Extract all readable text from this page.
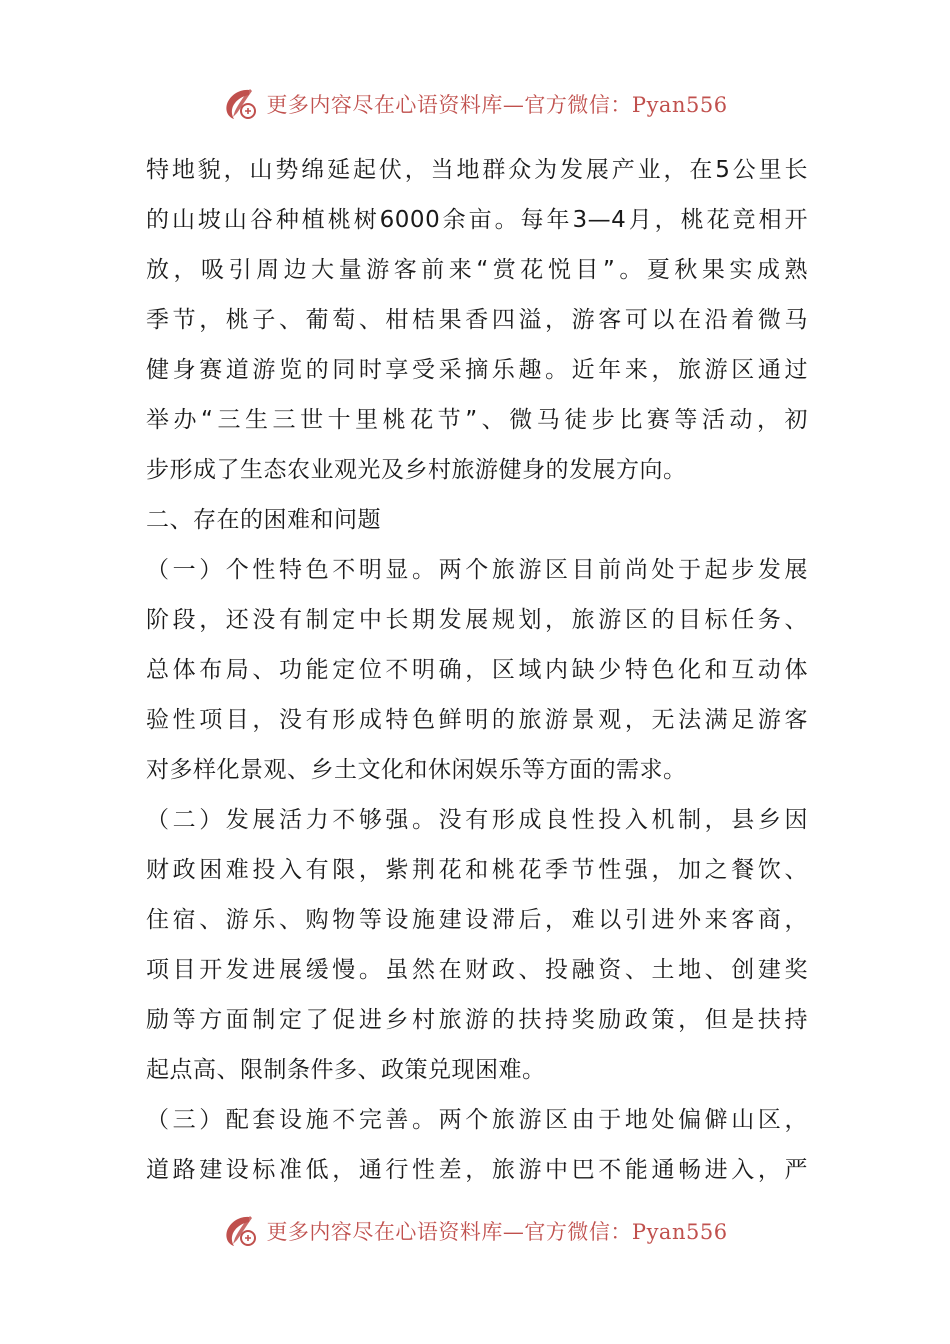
更多内容尽在心语资料库—官方微信：Pyan556
特地貌，山势绵延起伏，当地群众为发展产业，在5公里长
的山坡山谷种植桃树6000余亩。每年3—4月，桃花竞相开
放，吸引周边大量游客前来“赏花悦目”。夏秋果实成熟
季节，桃子、葡萄、柑桔果香四溢，游客可以在沿着微马
健身赛道游览的同时享受采摘乐趣。近年来，旅游区通过
举办“三生三世十里桃花节”、微马徒步比赛等活动，初
步形成了生态农业观光及乡村旅游健身的发展方向。
二、存在的困难和问题
（一）个性特色不明显。两个旅游区目前尚处于起步发展
阶段，还没有制定中长期发展规划，旅游区的目标任务、
总体布局、功能定位不明确，区域内缺少特色化和互动体
验性项目，没有形成特色鲜明的旅游景观，无法满足游客
对多样化景观、乡土文化和休闲娱乐等方面的需求。
（二）发展活力不够强。没有形成良性投入机制，县乡因
财政困难投入有限，紫荆花和桃花季节性强，加之餐饮、
住宿、游乐、购物等设施建设滞后，难以引进外来客商，
项目开发进展缓慢。虽然在财政、投融资、土地、创建奖
励等方面制定了促进乡村旅游的扶持奖励政策，但是扶持
起点高、限制条件多、政策兑现困难。
（三）配套设施不完善。两个旅游区由于地处偏僻山区，
道路建设标准低，通行性差，旅游中巴不能通畅进入，严
更多内容尽在心语资料库—官方微信：Pyan556
